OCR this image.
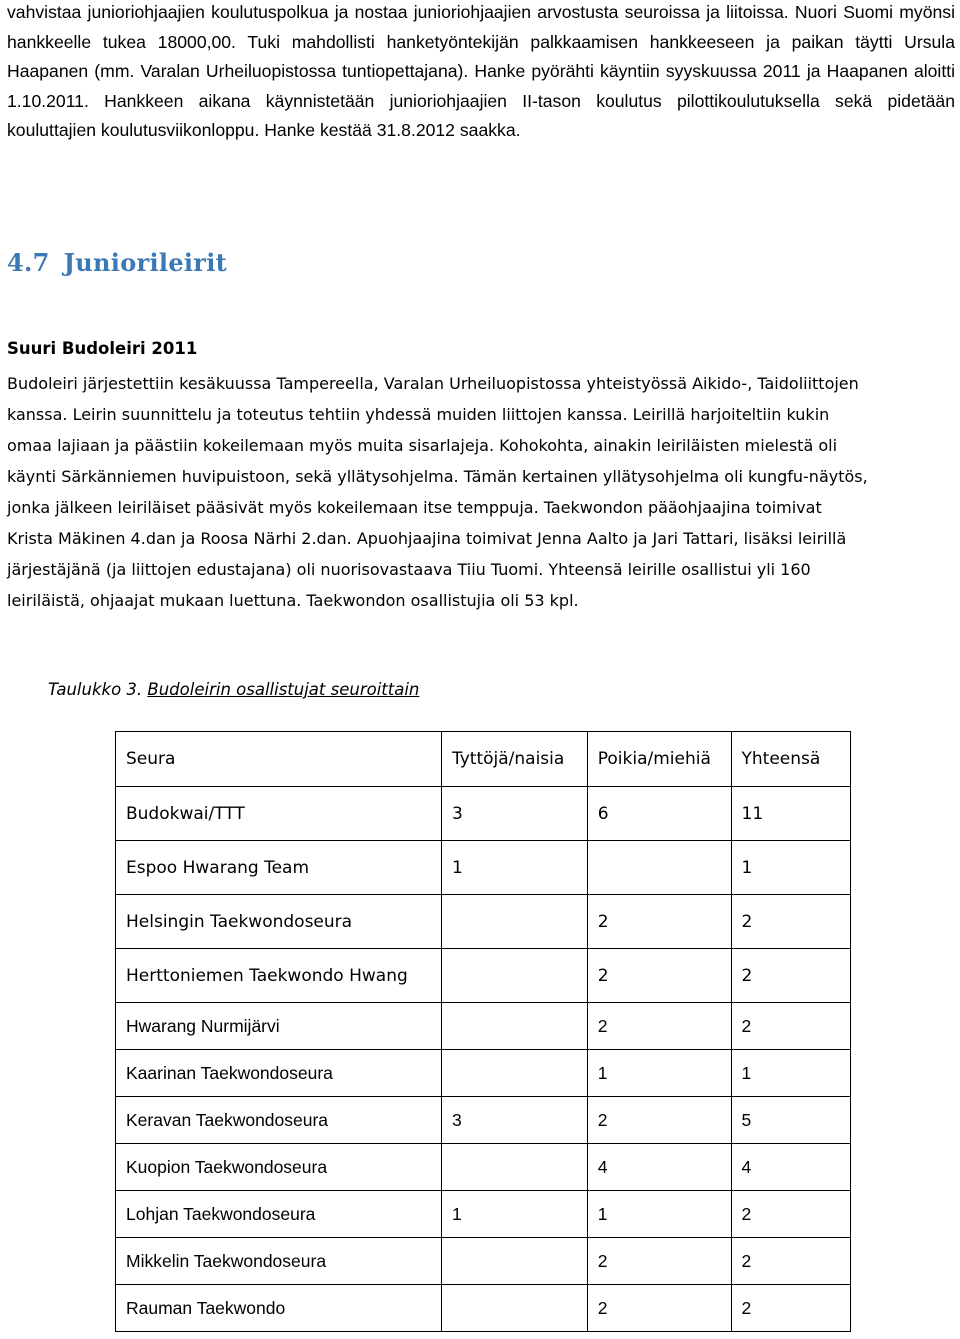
vahvistaa junioriohjaajien koulutuspolkua ja nostaa junioriohjaajien arvostusta seuroissa ja liitoissa. Nuori Suomi myönsi hankkeelle tukea 18000,00. Tuki mahdollisti hanketyöntekijän palkkaamisen hankkeeseen ja paikan täytti Ursula Haapanen (mm. Varalan Urheiluopistossa tuntiopettajana). Hanke pyörähti käyntiin syyskuussa 2011 ja Haapanen aloitti 1.10.2011. Hankkeen aikana käynnistetään junioriohjaajien II-tason koulutus pilottikoulutuksella sekä pidetään kouluttajien koulutusviikonloppu. Hanke kestää 31.8.2012 saakka.

4.7 Juniorileirit
Suuri Budoleiri 2011

Budoleiri järjestettiin kesäkuussa Tampereella, Varalan Urheiluopistossa yhteistyössä Aikido-, Taidoliittojen
kanssa. Leirin suunnittelu ja toteutus tehtiin yhdessä muiden liittojen kanssa. Leirillä harjoiteltiin kukin
omaa lajiaan ja päästiin kokeilemaan myös muita sisarlajeja. Kohokohta, ainakin leiriläisten mielestä oli
käynti Särkänniemen huvipuistoon, sekä yllätysohjelma. Tämän kertainen yllätysohjelma oli kungfu-näytös,
jonka jälkeen leiriläiset pääsivät myös kokeilemaan itse temppuja. Taekwondon pääohjaajina toimivat
Krista Mäkinen 4.dan ja Roosa Närhi 2.dan. Apuohjaajina toimivat Jenna Aalto ja Jari Tattari, lisäksi leirillä
järjestäjänä (ja liittojen edustajana) oli nuorisovastaava Tiiu Tuomi. Yhteensä leirille osallistui yli 160
leiriläistä, ohjaajat mukaan luettuna. Taekwondon osallistujia oli 53 kpl.

Taulukko 3. Budoleirin osallistujat seuroittain

Seura	Tyttöjä/naisia	Poikia/miehiä	Yhteensä
Budokwai/TTT	3	6	11
Espoo Hwarang Team	1		1
Helsingin Taekwondoseura		2	2
Herttoniemen Taekwondo Hwang		2	2
Hwarang Nurmijärvi		2	2
Kaarinan Taekwondoseura		1	1
Keravan Taekwondoseura	3	2	5
Kuopion Taekwondoseura		4	4
Lohjan Taekwondoseura	1	1	2
Mikkelin Taekwondoseura		2	2
Rauman Taekwondo		2	2
